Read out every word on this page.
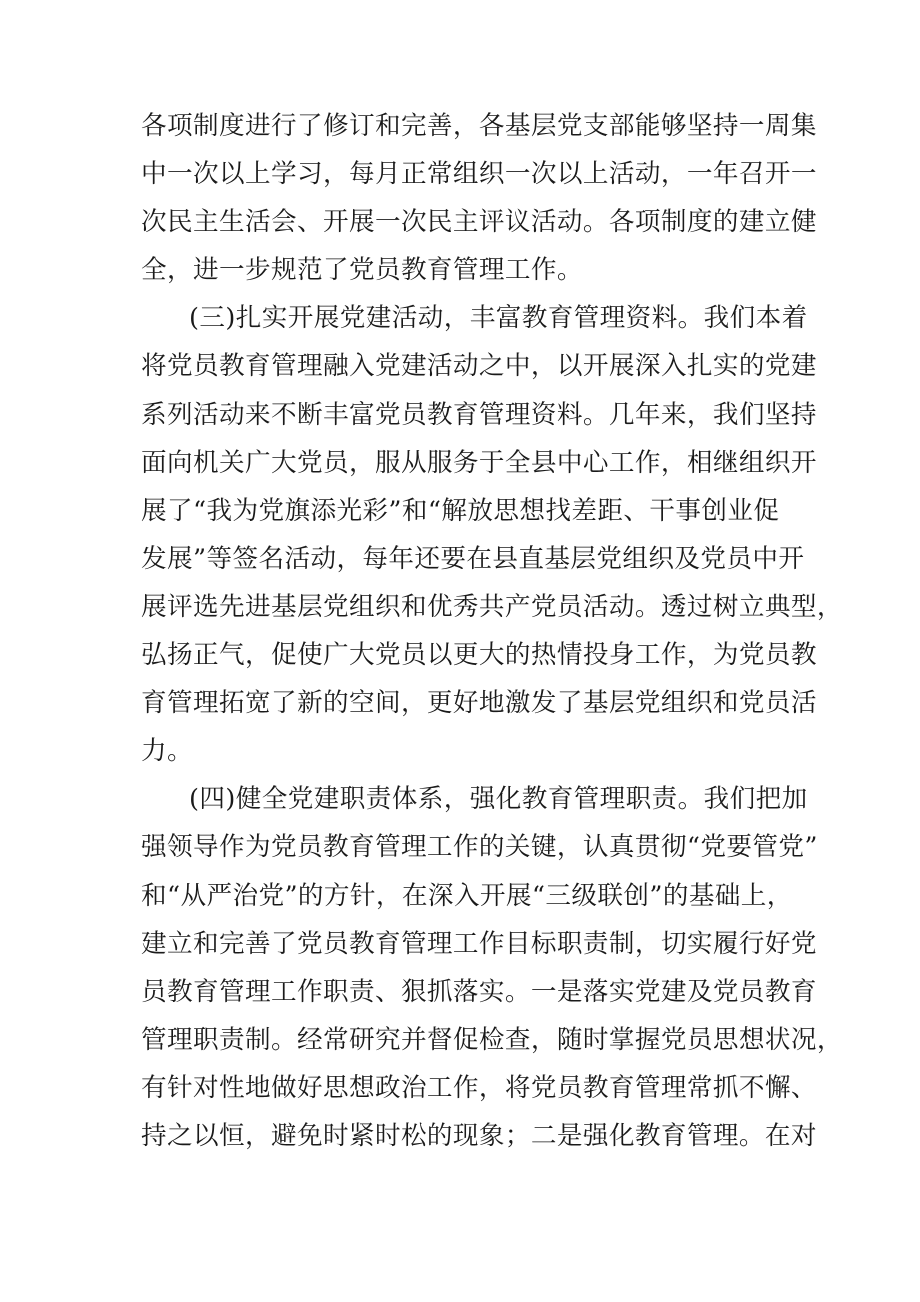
各项制度进行了修订和完善，各基层党支部能够坚持一周集
中一次以上学习，每月正常组织一次以上活动，一年召开一
次民主生活会、开展一次民主评议活动。各项制度的建立健
全，进一步规范了党员教育管理工作。
(三)扎实开展党建活动，丰富教育管理资料。我们本着
将党员教育管理融入党建活动之中，以开展深入扎实的党建
系列活动来不断丰富党员教育管理资料。几年来，我们坚持
面向机关广大党员，服从服务于全县中心工作，相继组织开
展了“我为党旗添光彩”和“解放思想找差距、干事创业促
发展”等签名活动，每年还要在县直基层党组织及党员中开
展评选先进基层党组织和优秀共产党员活动。透过树立典型，
弘扬正气，促使广大党员以更大的热情投身工作，为党员教
育管理拓宽了新的空间，更好地激发了基层党组织和党员活
力。
(四)健全党建职责体系，强化教育管理职责。我们把加
强领导作为党员教育管理工作的关键，认真贯彻“党要管党”
和“从严治党”的方针，在深入开展“三级联创”的基础上，
建立和完善了党员教育管理工作目标职责制，切实履行好党
员教育管理工作职责、狠抓落实。一是落实党建及党员教育
管理职责制。经常研究并督促检查，随时掌握党员思想状况，
有针对性地做好思想政治工作，将党员教育管理常抓不懈、
持之以恒，避免时紧时松的现象；二是强化教育管理。在对
